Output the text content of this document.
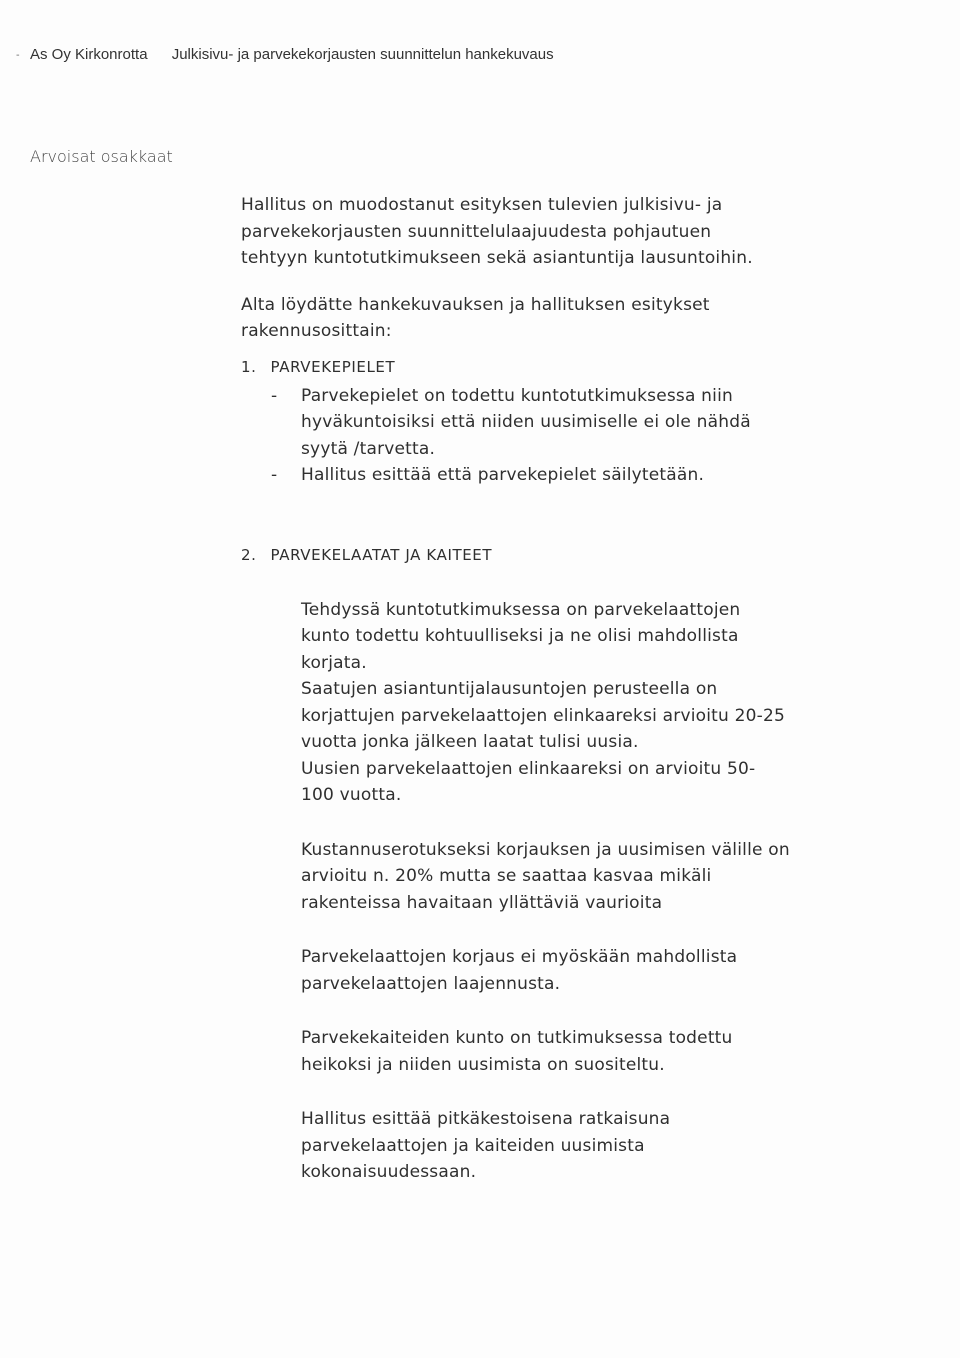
- As Oy Kirkonrotta Julkisivu- ja parvekekorjausten suunnittelun hankekuvaus
Arvoisat osakkaat

Hallitus on muodostanut esityksen tulevien julkisivu- ja
parvekekorjausten suunnittelulaajuudesta pohjautuen
tehtyyn kuntotutkimukseen sekä asiantuntija lausuntoihin.

Alta löydätte hankekuvauksen ja hallituksen esitykset
rakennusosittain:

1. PARVEKEPIELET
- Parvekepielet on todettu kuntotutkimuksessa niin
hyväkuntoisiksi että niiden uusimiselle ei ole nähdä
syytä /tarvetta.
- Hallitus esittää että parvekepielet säilytetään.
2. PARVEKELAATAT JA KAITEET

Tehdyssä kuntotutkimuksessa on parvekelaattojen
kunto todettu kohtuulliseksi ja ne olisi mahdollista
korjata.

Saatujen asiantuntijalausuntojen perusteella on
korjattujen parvekelaattojen elinkaareksi arvioitu 20-25
vuotta jonka jälkeen laatat tulisi uusia.

Uusien parvekelaattojen elinkaareksi on arvioitu 50-
100 vuotta.

Kustannuserotukseksi korjauksen ja uusimisen välille on
arvioitu n. 20% mutta se saattaa kasvaa mikäli
rakenteissa havaitaan yllättäviä vaurioita

Parvekelaattojen korjaus ei myöskään mahdollista
parvekelaattojen laajennusta.

Parvekekaiteiden kunto on tutkimuksessa todettu
heikoksi ja niiden uusimista on suositeltu.

Hallitus esittää pitkäkestoisena ratkaisuna
parvekelaattojen ja kaiteiden uusimista
kokonaisuudessaan.
